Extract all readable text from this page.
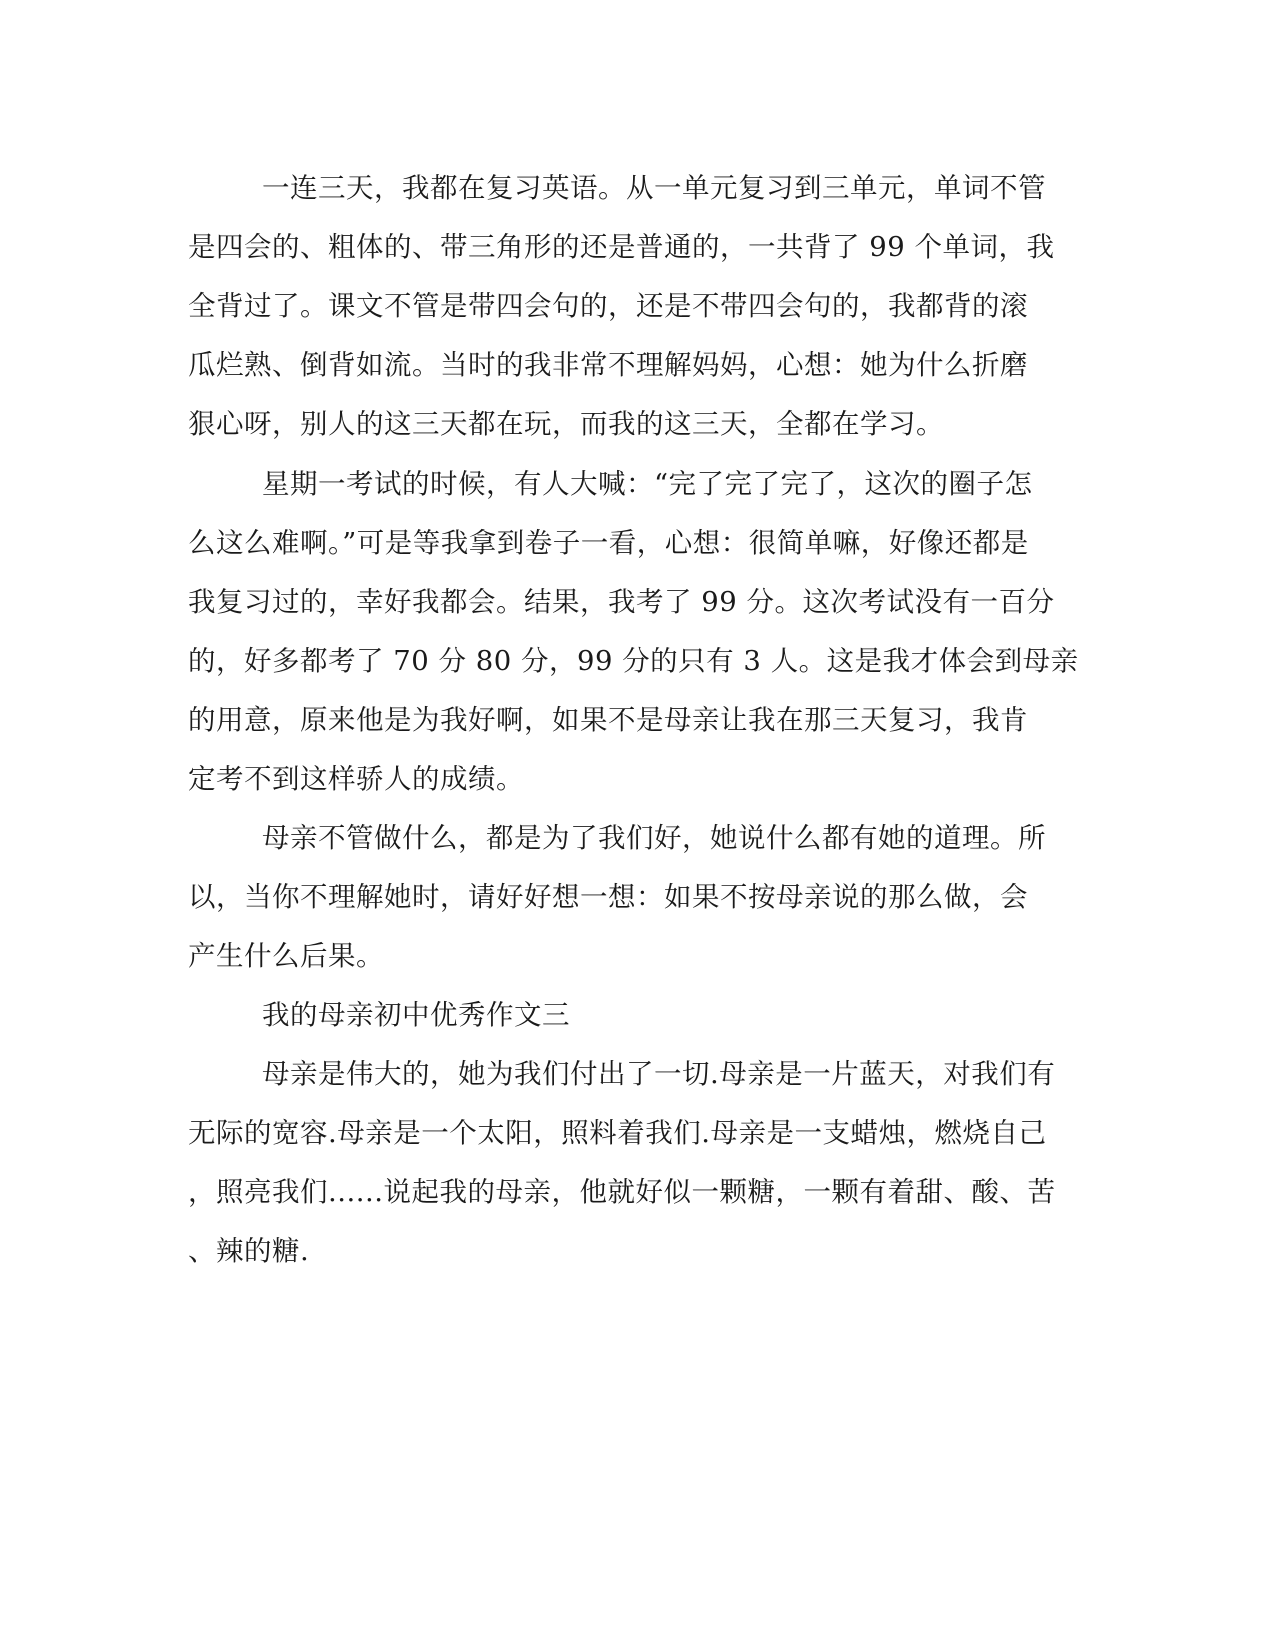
一连三天，我都在复习英语。从一单元复习到三单元，单词不管

是四会的、粗体的、带三角形的还是普通的，一共背了 99 个单词，我

全背过了。课文不管是带四会句的，还是不带四会句的，我都背的滚

瓜烂熟、倒背如流。当时的我非常不理解妈妈，心想：她为什么折磨

狠心呀，别人的这三天都在玩，而我的这三天，全都在学习。

星期一考试的时候，有人大喊：“完了完了完了，这次的圈子怎

么这么难啊。”可是等我拿到卷子一看，心想：很简单嘛，好像还都是

我复习过的，幸好我都会。结果，我考了 99 分。这次考试没有一百分

的，好多都考了 70 分 80 分，99 分的只有 3 人。这是我才体会到母亲

的用意，原来他是为我好啊，如果不是母亲让我在那三天复习，我肯

定考不到这样骄人的成绩。

母亲不管做什么，都是为了我们好，她说什么都有她的道理。所

以，当你不理解她时，请好好想一想：如果不按母亲说的那么做，会

产生什么后果。

我的母亲初中优秀作文三

母亲是伟大的，她为我们付出了一切.母亲是一片蓝天，对我们有

无际的宽容.母亲是一个太阳，照料着我们.母亲是一支蜡烛，燃烧自己

，照亮我们......说起我的母亲，他就好似一颗糖，一颗有着甜、酸、苦

、辣的糖.
